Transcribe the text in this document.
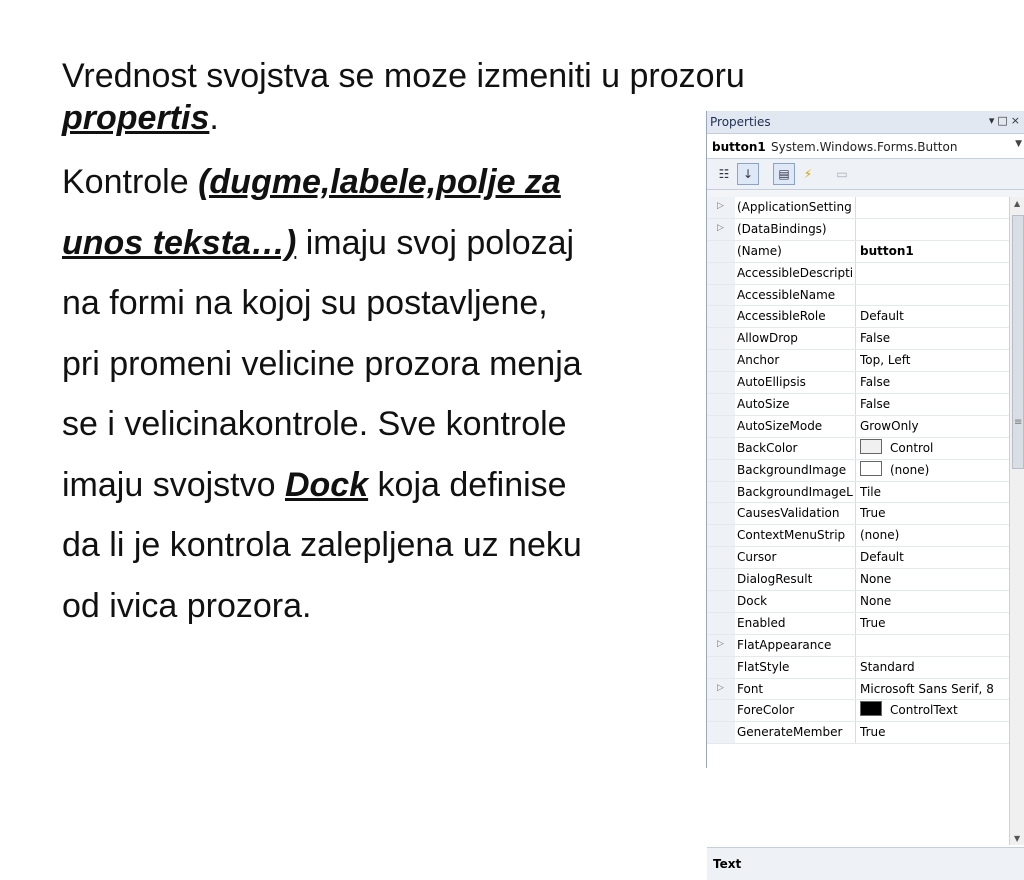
Vrednost svojstva se moze izmeniti u prozoru
propertis.
Kontrole (dugme,labele,polje za
unos teksta…) imaju svoj polozaj
na formi na kojoj su postavljene,
pri promeni velicine prozora menja
se i velicinakontrole. Sve kontrole
imaju svojstvo Dock koja definise
da li je kontrola zalepljena uz neku
od ivica prozora.
Properties	▾□×
button1 System.Windows.Forms.Button	▼
☷	↓	▤	⚡	▭
▷ (ApplicationSetting
▷ (DataBindings)
(Name)	button1
AccessibleDescripti
AccessibleName
AccessibleRole	Default
AllowDrop	False
Anchor	Top, Left
AutoEllipsis	False
AutoSize	False
AutoSizeMode	GrowOnly
BackColor	Control
BackgroundImage	(none)
BackgroundImageL Tile
CausesValidation	True
ContextMenuStrip	(none)
Cursor	Default
DialogResult	None
Dock	None
Enabled	True
▷ FlatAppearance
FlatStyle	Standard
▷ Font	Microsoft Sans Serif, 8
ForeColor	ControlText
GenerateMember	True
▲
≡
▼
Text
